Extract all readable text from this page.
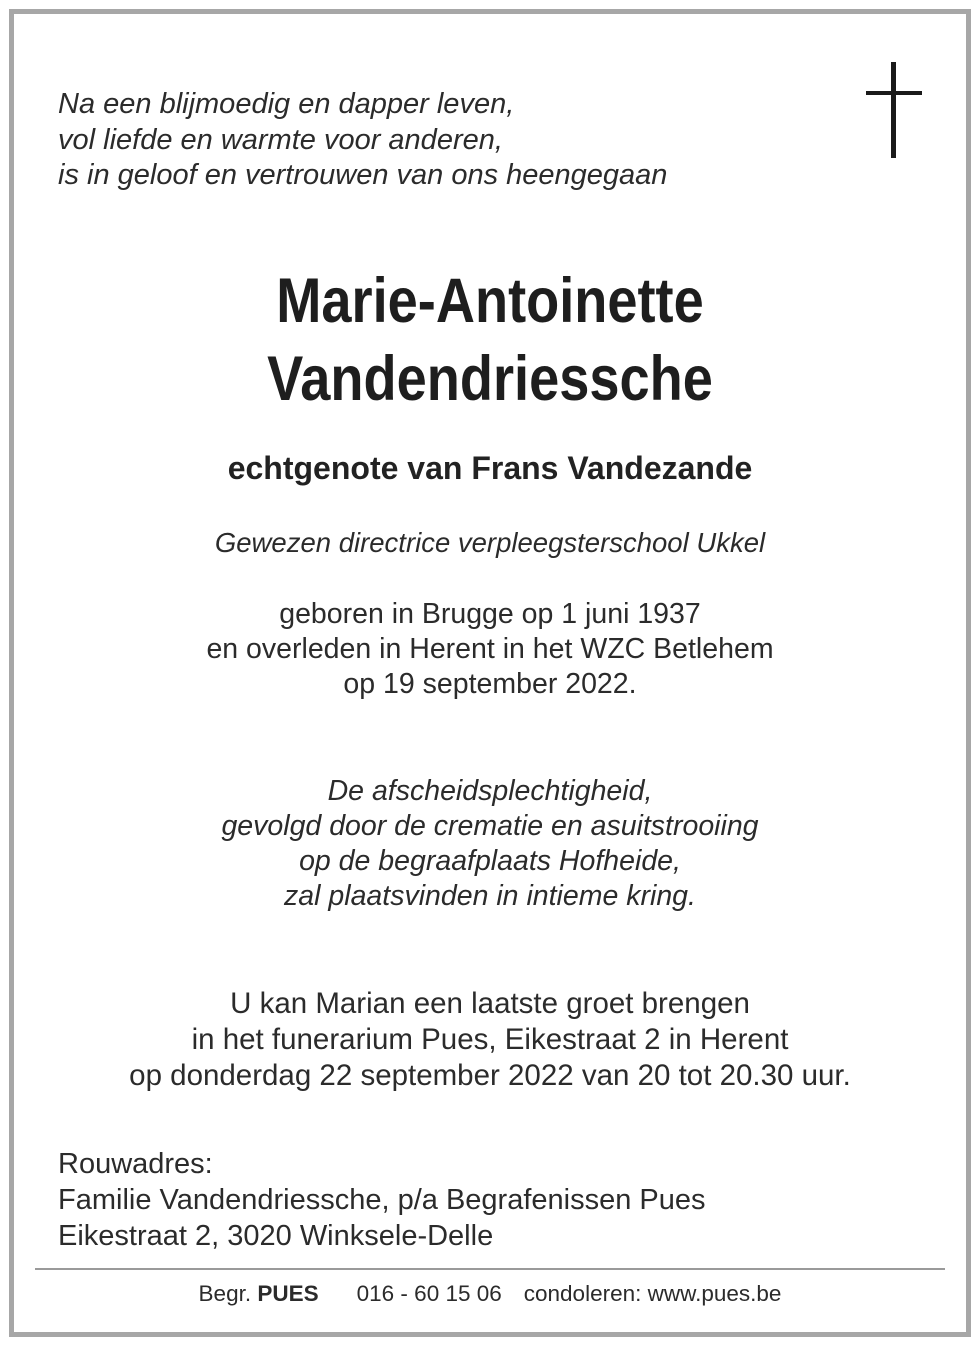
Na een blijmoedig en dapper leven,
vol liefde en warmte voor anderen,
is in geloof en vertrouwen van ons heengegaan
Marie-Antoinette
Vandendriessche
echtgenote van Frans Vandezande
Gewezen directrice verpleegsterschool Ukkel
geboren in Brugge op 1 juni 1937
en overleden in Herent in het WZC Betlehem
op 19 september 2022.
De afscheidsplechtigheid,
gevolgd door de crematie en asuitstrooiing
op de begraafplaats Hofheide,
zal plaatsvinden in intieme kring.
U kan Marian een laatste groet brengen
in het funerarium Pues, Eikestraat 2 in Herent
op donderdag 22 september 2022 van 20 tot 20.30 uur.
Rouwadres:
Familie Vandendriessche, p/a Begrafenissen Pues
Eikestraat 2, 3020 Winksele-Delle
Begr. PUES 016 - 60 15 06 condoleren: www.pues.be
